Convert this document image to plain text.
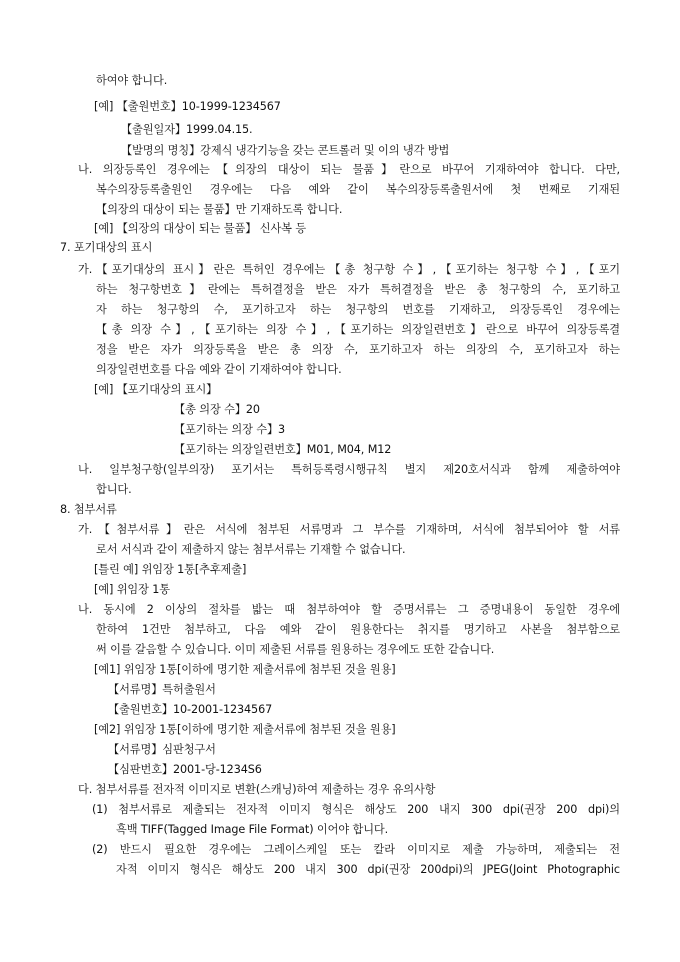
하여야 합니다.

[예] 【출원번호】10-1999-1234567

【출원일자】1999.04.15.

【발명의 명칭】강제식 냉각기능을 갖는 콘트롤러 및 이의 냉각 방법

나. 의장등록인 경우에는【의장의 대상이 되는 물품】란으로 바꾸어 기재하여야 합니다. 다만,

복수의장등록출원인 경우에는 다음 예와 같이 복수의장등록출원서에 첫 번째로 기재된

【의장의 대상이 되는 물품】만 기재하도록 합니다.

[예] 【의장의 대상이 되는 물품】 신사복 등

7. 포기대상의 표시

가.【포기대상의 표시】란은 특허인 경우에는【총 청구항 수】,【포기하는 청구항 수】,【포기

하는 청구항번호】란에는 특허결정을 받은 자가 특허결정을 받은 총 청구항의 수, 포기하고

자 하는 청구항의 수, 포기하고자 하는 청구항의 번호를 기재하고, 의장등록인 경우에는

【총 의장 수】,【포기하는 의장 수】,【포기하는 의장일련번호】란으로 바꾸어 의장등록결

정을 받은 자가 의장등록을 받은 총 의장 수, 포기하고자 하는 의장의 수, 포기하고자 하는

의장일련번호를 다음 예와 같이 기재하여야 합니다.

[예] 【포기대상의 표시】

【총 의장 수】20

【포기하는 의장 수】3

【포기하는 의장일련번호】M01, M04, M12

나. 일부청구항(일부의장) 포기서는 특허등록령시행규칙 별지 제20호서식과 함께 제출하여야

합니다.

8. 첨부서류

가.【첨부서류】란은 서식에 첨부된 서류명과 그 부수를 기재하며, 서식에 첨부되어야 할 서류

로서 서식과 같이 제출하지 않는 첨부서류는 기재할 수 없습니다.

[틀린 예] 위임장 1통[추후제출]

[예] 위임장 1통

나. 동시에 2 이상의 절차를 밟는 때 첨부하여야 할 증명서류는 그 증명내용이 동일한 경우에

한하여 1건만 첨부하고, 다음 예와 같이 원용한다는 취지를 명기하고 사본을 첨부함으로

써 이를 갈음할 수 있습니다. 이미 제출된 서류를 원용하는 경우에도 또한 같습니다.

[예1] 위임장 1통[이하에 명기한 제출서류에 첨부된 것을 원용]

【서류명】특허출원서

【출원번호】10-2001-1234567

[예2] 위임장 1통[이하에 명기한 제출서류에 첨부된 것을 원용]

【서류명】심판청구서

【심판번호】2001-당-1234S6

다. 첨부서류를 전자적 이미지로 변환(스캐닝)하여 제출하는 경우 유의사항

(1) 첨부서류로 제출되는 전자적 이미지 형식은 해상도 200 내지 300 dpi(권장 200 dpi)의

흑백 TIFF(Tagged Image File Format) 이어야 합니다.

(2) 반드시 필요한 경우에는 그레이스케일 또는 칼라 이미지로 제출 가능하며, 제출되는 전

자적 이미지 형식은 해상도 200 내지 300 dpi(권장 200dpi)의 JPEG(Joint Photographic
